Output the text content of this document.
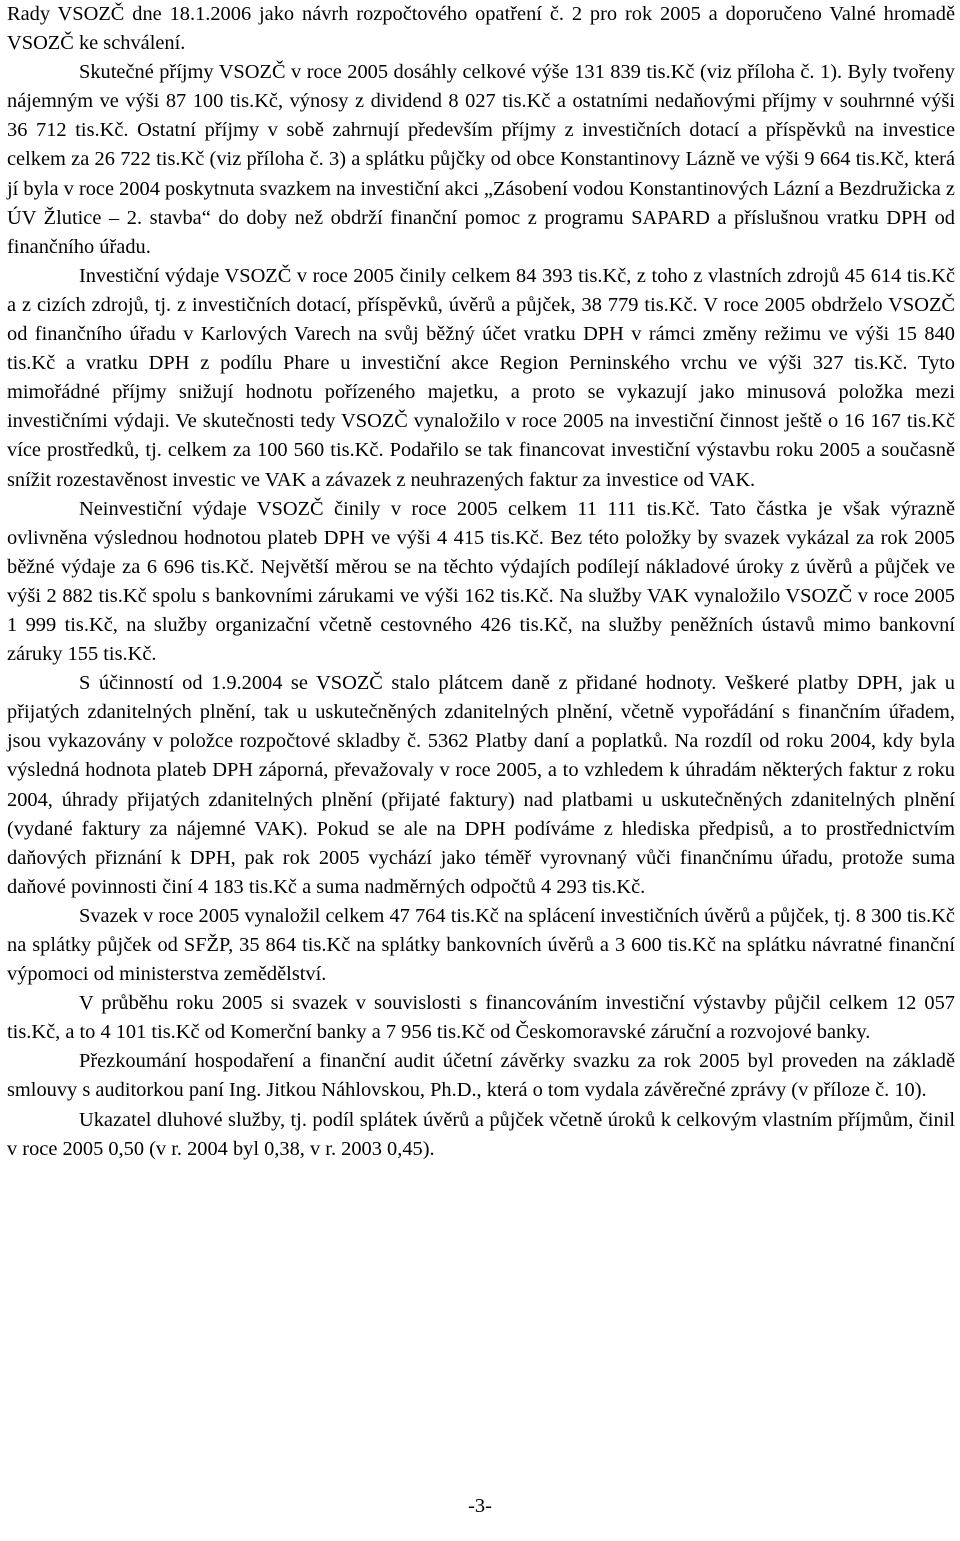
Rady VSOZČ dne 18.1.2006 jako návrh rozpočtového opatření č. 2 pro rok 2005 a doporučeno Valné hromadě VSOZČ ke schválení.

Skutečné příjmy VSOZČ v roce 2005 dosáhly celkové výše 131 839 tis.Kč (viz příloha č. 1). Byly tvořeny nájemným ve výši 87 100 tis.Kč, výnosy z dividend 8 027 tis.Kč a ostatními nedaňovými příjmy v souhrnné výši 36 712 tis.Kč. Ostatní příjmy v sobě zahrnují především příjmy z investičních dotací a příspěvků na investice celkem za 26 722 tis.Kč (viz příloha č. 3) a splátku půjčky od obce Konstantinovy Lázně ve výši 9 664 tis.Kč, která jí byla v roce 2004 poskytnuta svazkem na investiční akci „Zásobení vodou Konstantinových Lázní a Bezdružicka z ÚV Žlutice – 2. stavba“ do doby než obdrží finanční pomoc z programu SAPARD a příslušnou vratku DPH od finančního úřadu.

Investiční výdaje VSOZČ v roce 2005 činily celkem 84 393 tis.Kč, z toho z vlastních zdrojů 45 614 tis.Kč a z cizích zdrojů, tj. z investičních dotací, příspěvků, úvěrů a půjček, 38 779 tis.Kč. V roce 2005 obdrželo VSOZČ od finančního úřadu v Karlových Varech na svůj běžný účet vratku DPH v rámci změny režimu ve výši 15 840 tis.Kč a vratku DPH z podílu Phare u investiční akce Region Perninského vrchu ve výši 327 tis.Kč. Tyto mimořádné příjmy snižují hodnotu pořízeného majetku, a proto se vykazují jako minusová položka mezi investičními výdaji. Ve skutečnosti tedy VSOZČ vynaložilo v roce 2005 na investiční činnost ještě o 16 167 tis.Kč více prostředků, tj. celkem za 100 560 tis.Kč. Podařilo se tak financovat investiční výstavbu roku 2005 a současně snížit rozestavěnost investic ve VAK a závazek z neuhrazených faktur za investice od VAK.

Neinvestiční výdaje VSOZČ činily v roce 2005 celkem 11 111 tis.Kč. Tato částka je však výrazně ovlivněna výslednou hodnotou plateb DPH ve výši 4 415 tis.Kč. Bez této položky by svazek vykázal za rok 2005 běžné výdaje za 6 696 tis.Kč. Největší měrou se na těchto výdajích podílejí nákladové úroky z úvěrů a půjček ve výši 2 882 tis.Kč spolu s bankovními zárukami ve výši 162 tis.Kč. Na služby VAK vynaložilo VSOZČ v roce 2005 1 999 tis.Kč, na služby organizační včetně cestovného 426 tis.Kč, na služby peněžních ústavů mimo bankovní záruky 155 tis.Kč.

S účinností od 1.9.2004 se VSOZČ stalo plátcem daně z přidané hodnoty. Veškeré platby DPH, jak u přijatých zdanitelných plnění, tak u uskutečněných zdanitelných plnění, včetně vypořádání s finančním úřadem, jsou vykazovány v položce rozpočtové skladby č. 5362 Platby daní a poplatků. Na rozdíl od roku 2004, kdy byla výsledná hodnota plateb DPH záporná, převažovaly v roce 2005, a to vzhledem k úhradám některých faktur z roku 2004, úhrady přijatých zdanitelných plnění (přijaté faktury) nad platbami u uskutečněných zdanitelných plnění (vydané faktury za nájemné VAK). Pokud se ale na DPH podíváme z hlediska předpisů, a to prostřednictvím daňových přiznání k DPH, pak rok 2005 vychází jako téměř vyrovnaný vůči finančnímu úřadu, protože suma daňové povinnosti činí 4 183 tis.Kč a suma nadměrných odpočtů 4 293 tis.Kč.

Svazek v roce 2005 vynaložil celkem 47 764 tis.Kč na splácení investičních úvěrů a půjček, tj. 8 300 tis.Kč na splátky půjček od SFŽP, 35 864 tis.Kč na splátky bankovních úvěrů a 3 600 tis.Kč na splátku návratné finanční výpomoci od ministerstva zemědělství.

V průběhu roku 2005 si svazek v souvislosti s financováním investiční výstavby půjčil celkem 12 057 tis.Kč, a to 4 101 tis.Kč od Komerční banky a 7 956 tis.Kč od Českomoravské záruční a rozvojové banky.

Přezkoumání hospodaření a finanční audit účetní závěrky svazku za rok 2005 byl proveden na základě smlouvy s auditorkou paní Ing. Jitkou Náhlovskou, Ph.D., která o tom vydala závěrečné zprávy (v příloze č. 10).

Ukazatel dluhové služby, tj. podíl splátek úvěrů a půjček včetně úroků k celkovým vlastním příjmům, činil v roce 2005 0,50 (v r. 2004 byl 0,38, v r. 2003 0,45).

-3-
